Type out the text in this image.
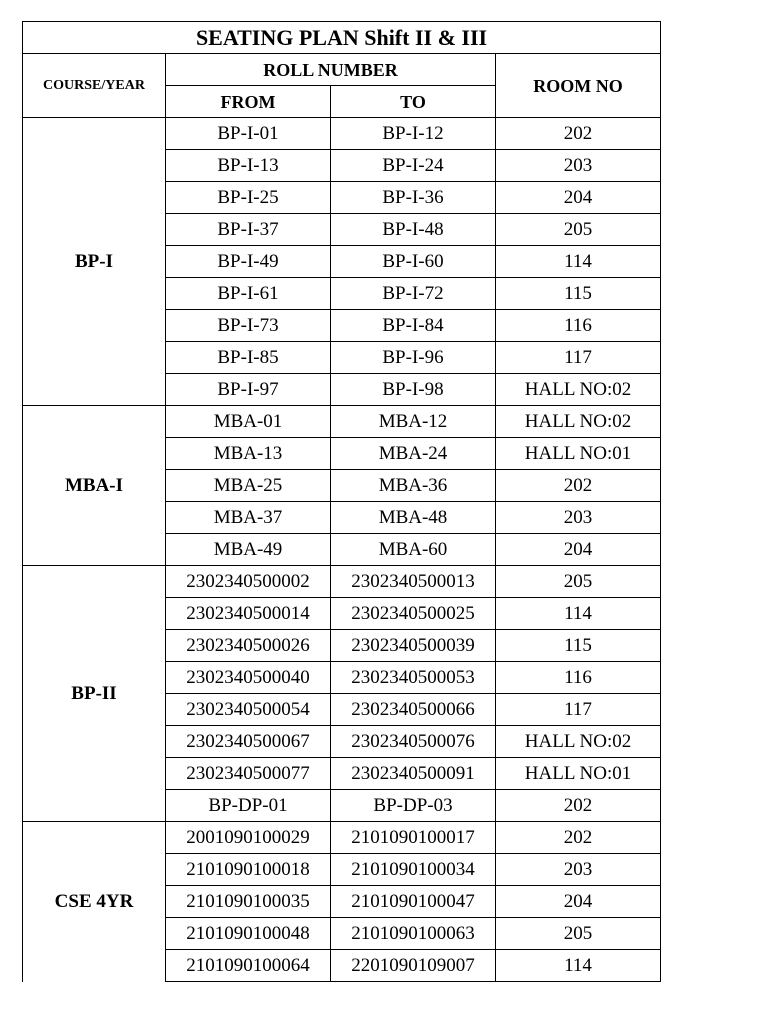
SEATING PLAN Shift II & III			
COURSE/YEAR	ROLL NUMBER		ROOM NO
	FROM	TO	
BP-I	BP-I-01	BP-I-12	202
	BP-I-13	BP-I-24	203
	BP-I-25	BP-I-36	204
	BP-I-37	BP-I-48	205
	BP-I-49	BP-I-60	114
	BP-I-61	BP-I-72	115
	BP-I-73	BP-I-84	116
	BP-I-85	BP-I-96	117
	BP-I-97	BP-I-98	HALL NO:02
MBA-I	MBA-01	MBA-12	HALL NO:02
	MBA-13	MBA-24	HALL NO:01
	MBA-25	MBA-36	202
	MBA-37	MBA-48	203
	MBA-49	MBA-60	204
BP-II	2302340500002	2302340500013	205
	2302340500014	2302340500025	114
	2302340500026	2302340500039	115
	2302340500040	2302340500053	116
	2302340500054	2302340500066	117
	2302340500067	2302340500076	HALL NO:02
	2302340500077	2302340500091	HALL NO:01
	BP-DP-01	BP-DP-03	202
CSE 4YR	2001090100029	2101090100017	202
	2101090100018	2101090100034	203
	2101090100035	2101090100047	204
	2101090100048	2101090100063	205
	2101090100064	2201090109007	114
